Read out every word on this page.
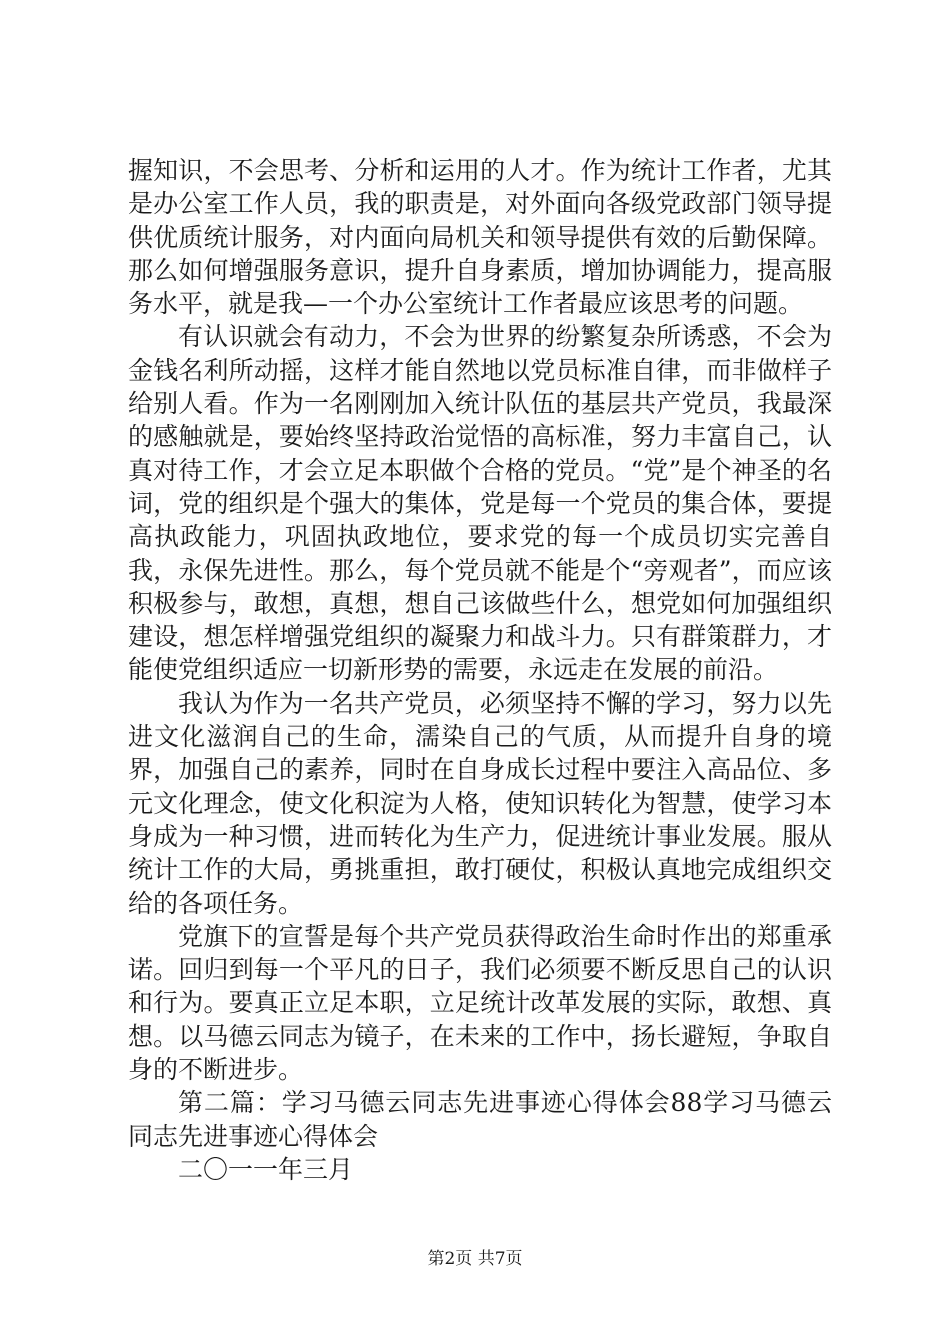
握知识，不会思考、分析和运用的人才。作为统计工作者，尤其是办公室工作人员，我的职责是，对外面向各级党政部门领导提供优质统计服务，对内面向局机关和领导提供有效的后勤保障。那么如何增强服务意识，提升自身素质，增加协调能力，提高服务水平，就是我—一个办公室统计工作者最应该思考的问题。

有认识就会有动力，不会为世界的纷繁复杂所诱惑，不会为金钱名利所动摇，这样才能自然地以党员标准自律，而非做样子给别人看。作为一名刚刚加入统计队伍的基层共产党员，我最深的感触就是，要始终坚持政治觉悟的高标准，努力丰富自己，认真对待工作，才会立足本职做个合格的党员。“党”是个神圣的名词，党的组织是个强大的集体，党是每一个党员的集合体，要提高执政能力，巩固执政地位，要求党的每一个成员切实完善自我，永保先进性。那么，每个党员就不能是个“旁观者”，而应该积极参与，敢想，真想，想自己该做些什么，想党如何加强组织建设，想怎样增强党组织的凝聚力和战斗力。只有群策群力，才能使党组织适应一切新形势的需要，永远走在发展的前沿。

我认为作为一名共产党员，必须坚持不懈的学习，努力以先进文化滋润自己的生命，濡染自己的气质，从而提升自身的境界，加强自己的素养，同时在自身成长过程中要注入高品位、多元文化理念，使文化积淀为人格，使知识转化为智慧，使学习本身成为一种习惯，进而转化为生产力，促进统计事业发展。服从统计工作的大局，勇挑重担，敢打硬仗，积极认真地完成组织交给的各项任务。

党旗下的宣誓是每个共产党员获得政治生命时作出的郑重承诺。回归到每一个平凡的日子，我们必须要不断反思自己的认识和行为。要真正立足本职，立足统计改革发展的实际，敢想、真想。以马德云同志为镜子，在未来的工作中，扬长避短，争取自身的不断进步。

第二篇：学习马德云同志先进事迹心得体会88学习马德云同志先进事迹心得体会

二〇一一年三月

第2页 共7页
